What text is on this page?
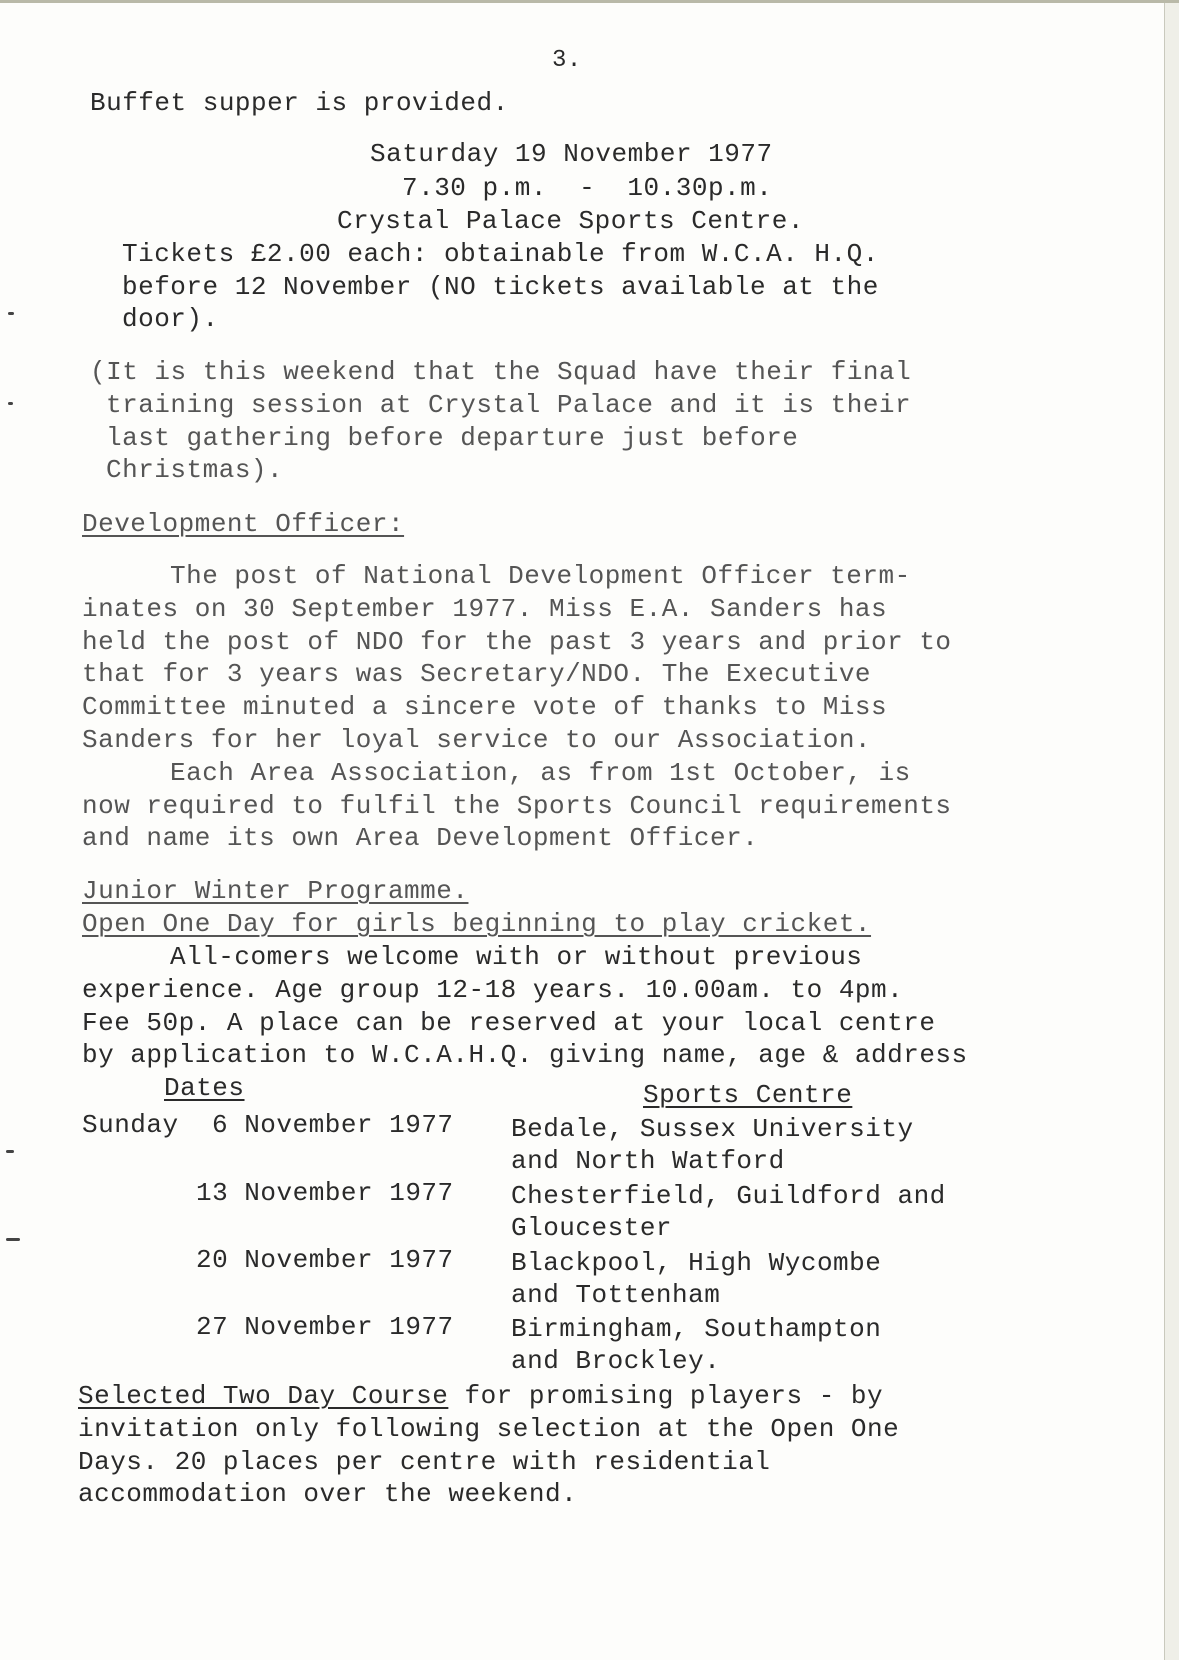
3.
Buffet supper is provided.
Saturday 19 November 1977
7.30 p.m.  -  10.30p.m.
Crystal Palace Sports Centre.
Tickets £2.00 each: obtainable from W.C.A. H.Q.
before 12 November (NO tickets available at the
door).
(It is this weekend that the Squad have their final
training session at Crystal Palace and it is their
last gathering before departure just before
Christmas).
Development Officer:
The post of National Development Officer term-
inates on 30 September 1977. Miss E.A. Sanders has
held the post of NDO for the past 3 years and prior to
that for 3 years was Secretary/NDO. The Executive
Committee minuted a sincere vote of thanks to Miss
Sanders for her loyal service to our Association.
Each Area Association, as from 1st October, is
now required to fulfil the Sports Council requirements
and name its own Area Development Officer.
Junior Winter Programme.
Open One Day for girls beginning to play cricket.
All-comers welcome with or without previous
experience. Age group 12-18 years. 10.00am. to 4pm.
Fee 50p. A place can be reserved at your local centre
by application to W.C.A.H.Q. giving name, age & address
Dates	Sports Centre
Sunday 6 November 1977 Bedale, Sussex University
and North Watford
13 November 1977 Chesterfield, Guildford and
Gloucester
20 November 1977 Blackpool, High Wycombe
and Tottenham
27 November 1977 Birmingham, Southampton
and Brockley.
Selected Two Day Course for promising players - by
invitation only following selection at the Open One
Days. 20 places per centre with residential
accommodation over the weekend.
